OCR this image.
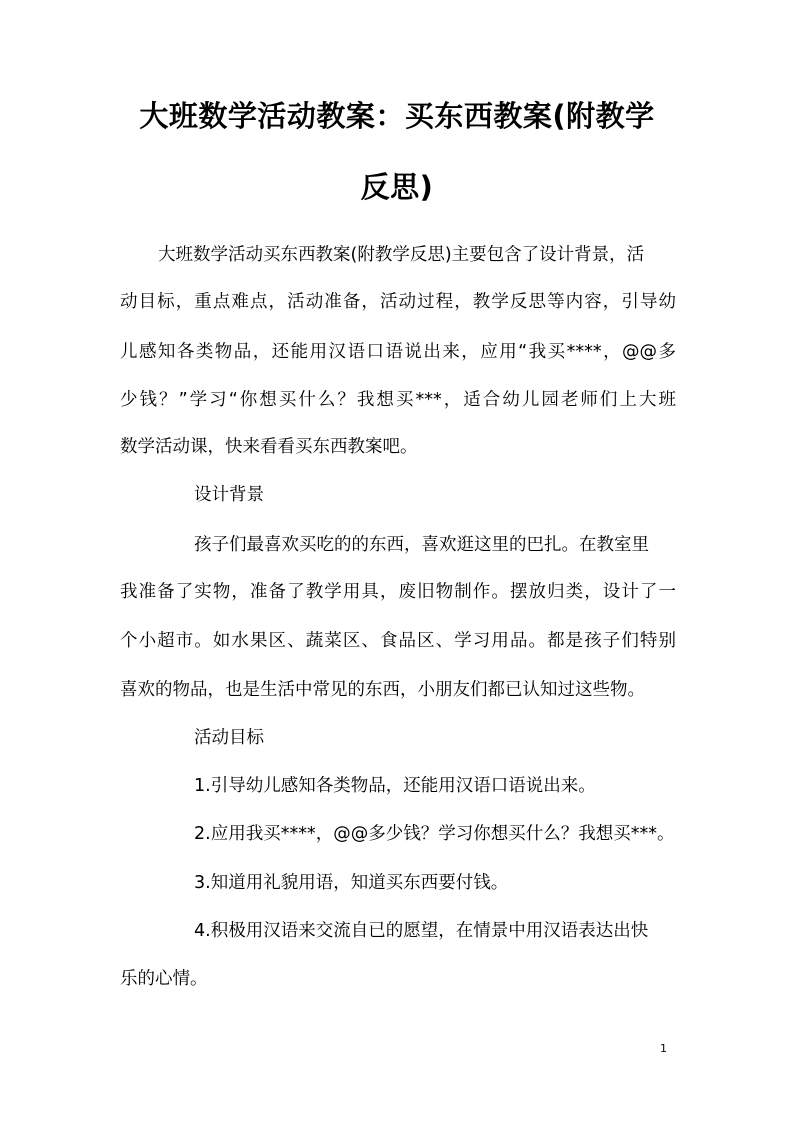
大班数学活动教案：买东西教案(附教学
反思)
大班数学活动买东西教案(附教学反思)主要包含了设计背景，活
动目标，重点难点，活动准备，活动过程，教学反思等内容，引导幼
儿感知各类物品，还能用汉语口语说出来，应用“我买****，@@多
少钱？”学习“你想买什么？我想买***，适合幼儿园老师们上大班
数学活动课，快来看看买东西教案吧。
设计背景
孩子们最喜欢买吃的的东西，喜欢逛这里的巴扎。在教室里
我准备了实物，准备了教学用具，废旧物制作。摆放归类，设计了一
个小超市。如水果区、蔬菜区、食品区、学习用品。都是孩子们特别
喜欢的物品，也是生活中常见的东西，小朋友们都已认知过这些物。
活动目标
1.引导幼儿感知各类物品，还能用汉语口语说出来。
2.应用我买****，@@多少钱？学习你想买什么？我想买***。
3.知道用礼貌用语，知道买东西要付钱。
4.积极用汉语来交流自已的愿望，在情景中用汉语表达出快
乐的心情。
1
